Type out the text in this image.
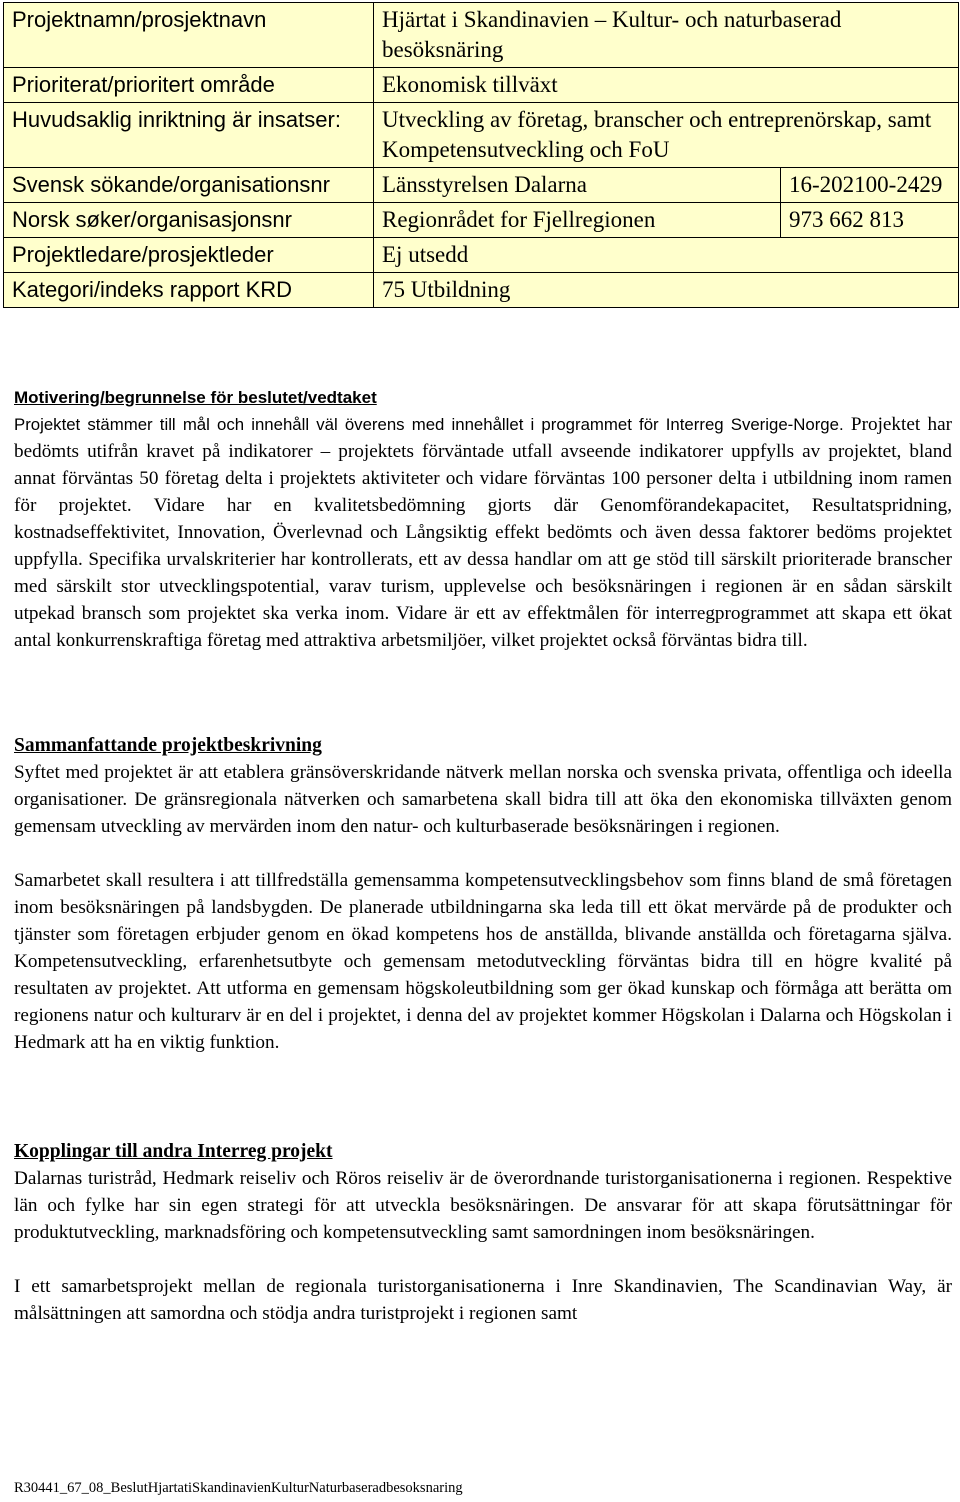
Projektnamn/prosjektnavn	Hjärtat i Skandinavien – Kultur- och naturbaserad besöksnäring	
Prioriterat/prioritert område	Ekonomisk tillväxt	
Huvudsaklig inriktning är insatser:	Utveckling av företag, branscher och entreprenörskap, samt Kompetensutveckling och FoU	
Svensk sökande/organisationsnr	Länsstyrelsen Dalarna	16-202100-2429
Norsk søker/organisasjonsnr	Regionrådet for Fjellregionen	973 662 813
Projektledare/prosjektleder	Ej utsedd	
Kategori/indeks rapport KRD	75 Utbildning	
Motivering/begrunnelse för beslutet/vedtaket

Projektet stämmer till mål och innehåll väl överens med innehållet i programmet för Interreg Sverige-Norge. Projektet har bedömts utifrån kravet på indikatorer – projektets förväntade utfall avseende indikatorer uppfylls av projektet, bland annat förväntas 50 företag delta i projektets aktiviteter och vidare förväntas 100 personer delta i utbildning inom ramen för projektet. Vidare har en kvalitetsbedömning gjorts där Genomförandekapacitet, Resultatspridning, kostnadseffektivitet, Innovation, Överlevnad och Långsiktig effekt bedömts och även dessa faktorer bedöms projektet uppfylla. Specifika urvalskriterier har kontrollerats, ett av dessa handlar om att ge stöd till särskilt prioriterade branscher med särskilt stor utvecklingspotential, varav turism, upplevelse och besöksnäringen i regionen är en sådan särskilt utpekad bransch som projektet ska verka inom. Vidare är ett av effektmålen för interregprogrammet att skapa ett ökat antal konkurrenskraftiga företag med attraktiva arbetsmiljöer, vilket projektet också förväntas bidra till.

Sammanfattande projektbeskrivning

Syftet med projektet är att etablera gränsöverskridande nätverk mellan norska och svenska privata, offentliga och ideella organisationer. De gränsregionala nätverken och samarbetena skall bidra till att öka den ekonomiska tillväxten genom gemensam utveckling av mervärden inom den natur- och kulturbaserade besöksnäringen i regionen.

Samarbetet skall resultera i att tillfredställa gemensamma kompetensutvecklingsbehov som finns bland de små företagen inom besöksnäringen på landsbygden. De planerade utbildningarna ska leda till ett ökat mervärde på de produkter och tjänster som företagen erbjuder genom en ökad kompetens hos de anställda, blivande anställda och företagarna själva. Kompetensutveckling, erfarenhetsutbyte och gemensam metodutveckling förväntas bidra till en högre kvalité på resultaten av projektet. Att utforma en gemensam högskoleutbildning som ger ökad kunskap och förmåga att berätta om regionens natur och kulturarv är en del i projektet, i denna del av projektet kommer Högskolan i Dalarna och Högskolan i Hedmark att ha en viktig funktion.

Kopplingar till andra Interreg projekt

Dalarnas turistråd, Hedmark reiseliv och Röros reiseliv är de överordnande turistorganisationerna i regionen. Respektive län och fylke har sin egen strategi för att utveckla besöksnäringen. De ansvarar för att skapa förutsättningar för produktutveckling, marknadsföring och kompetensutveckling samt samordningen inom besöksnäringen.

I ett samarbetsprojekt mellan de regionala turistorganisationerna i Inre Skandinavien, The Scandinavian Way, är målsättningen att samordna och stödja andra turistprojekt i regionen samt

R30441_67_08_BeslutHjartatiSkandinavienKulturNaturbaseradbesoksnaring
